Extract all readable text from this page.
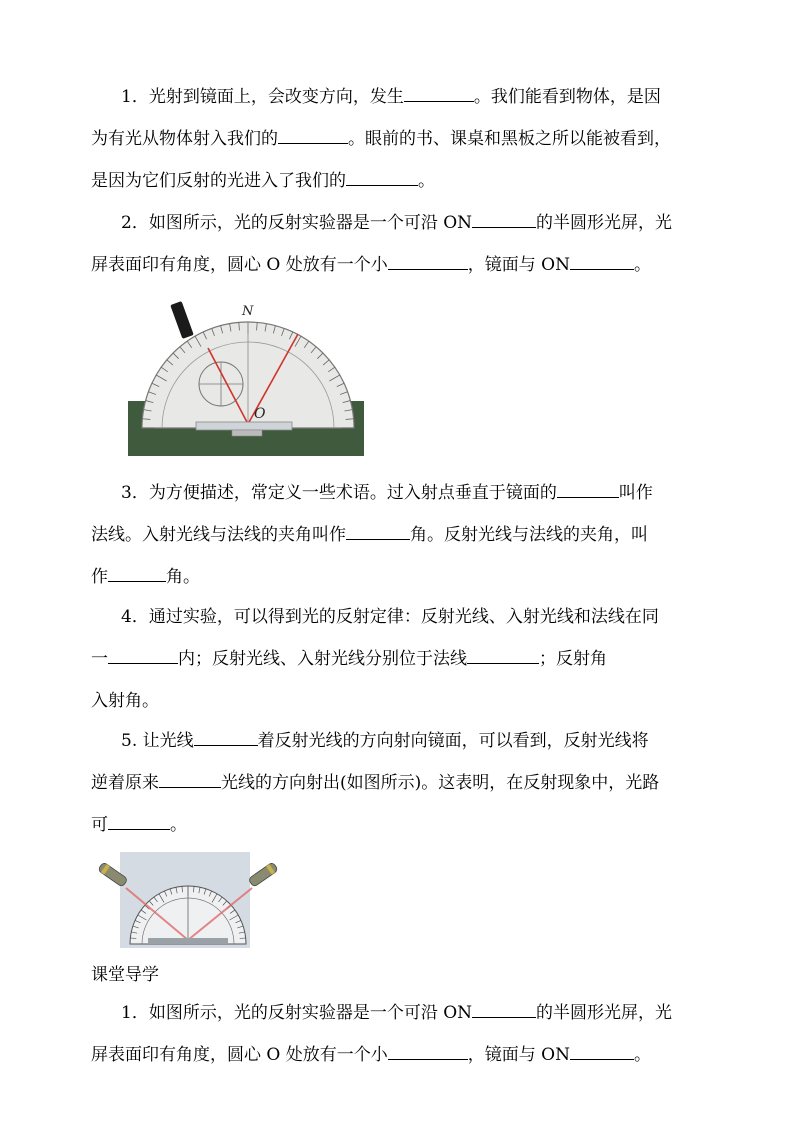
1．光射到镜面上，会改变方向，发生	。我们能看到物体，是因
为有光从物体射入我们的	。眼前的书、课桌和黑板之所以能被看到，
是因为它们反射的光进入了我们的	。
2．如图所示，光的反射实验器是一个可沿 ON	的半圆形光屏，光
屏表面印有角度，圆心 O 处放有一个小	，镜面与 ON	。
N
O
3．为方便描述，常定义一些术语。过入射点垂直于镜面的	叫作
法线。入射光线与法线的夹角叫作	角。反射光线与法线的夹角，叫
作	角。
4．通过实验，可以得到光的反射定律：反射光线、入射光线和法线在同
一	内；反射光线、入射光线分别位于法线	；反射角
入射角。
5. 让光线	着反射光线的方向射向镜面，可以看到，反射光线将
逆着原来	光线的方向射出(如图所示)。这表明，在反射现象中，光路
可	。
课堂导学
1．如图所示，光的反射实验器是一个可沿 ON	的半圆形光屏，光
屏表面印有角度，圆心 O 处放有一个小	，镜面与 ON	。
